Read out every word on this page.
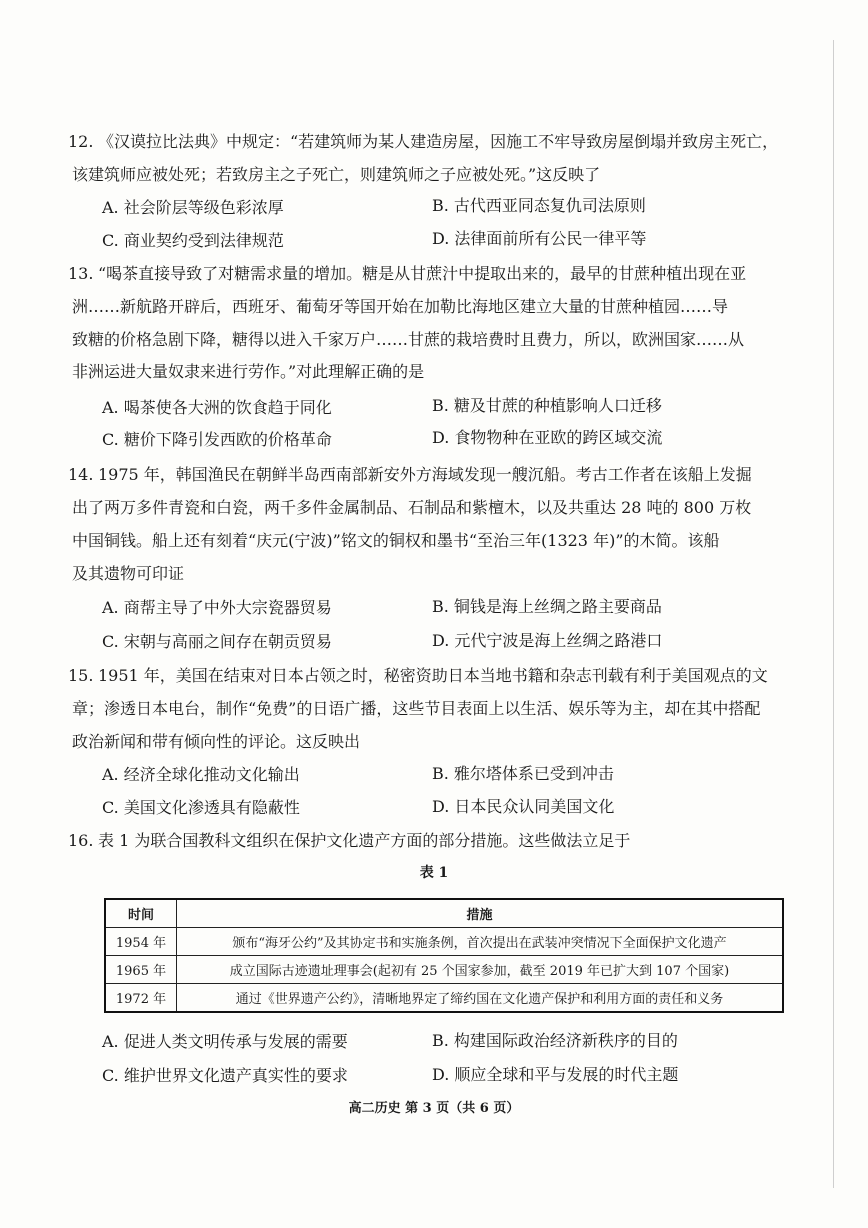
12. 《汉谟拉比法典》中规定：“若建筑师为某人建造房屋，因施工不牢导致房屋倒塌并致房主死亡，
该建筑师应被处死；若致房主之子死亡，则建筑师之子应被处死。”这反映了
A. 社会阶层等级色彩浓厚	B. 古代西亚同态复仇司法原则
C. 商业契约受到法律规范	D. 法律面前所有公民一律平等
13. “喝茶直接导致了对糖需求量的增加。糖是从甘蔗汁中提取出来的，最早的甘蔗种植出现在亚
洲……新航路开辟后，西班牙、葡萄牙等国开始在加勒比海地区建立大量的甘蔗种植园……导
致糖的价格急剧下降，糖得以进入千家万户……甘蔗的栽培费时且费力，所以，欧洲国家……从
非洲运进大量奴隶来进行劳作。”对此理解正确的是
A. 喝茶使各大洲的饮食趋于同化	B. 糖及甘蔗的种植影响人口迁移
C. 糖价下降引发西欧的价格革命	D. 食物物种在亚欧的跨区域交流
14. 1975 年，韩国渔民在朝鲜半岛西南部新安外方海域发现一艘沉船。考古工作者在该船上发掘
出了两万多件青瓷和白瓷，两千多件金属制品、石制品和紫檀木，以及共重达 28 吨的 800 万枚
中国铜钱。船上还有刻着“庆元(宁波)”铭文的铜权和墨书“至治三年(1323 年)”的木简。该船
及其遗物可印证
A. 商帮主导了中外大宗瓷器贸易	B. 铜钱是海上丝绸之路主要商品
C. 宋朝与高丽之间存在朝贡贸易	D. 元代宁波是海上丝绸之路港口
15. 1951 年，美国在结束对日本占领之时，秘密资助日本当地书籍和杂志刊载有利于美国观点的文
章；渗透日本电台，制作“免费”的日语广播，这些节目表面上以生活、娱乐等为主，却在其中搭配
政治新闻和带有倾向性的评论。这反映出
A. 经济全球化推动文化输出	B. 雅尔塔体系已受到冲击
C. 美国文化渗透具有隐蔽性	D. 日本民众认同美国文化
16. 表 1 为联合国教科文组织在保护文化遗产方面的部分措施。这些做法立足于
表 1
时间	措施
1954 年	颁布“海牙公约”及其协定书和实施条例，首次提出在武装冲突情况下全面保护文化遗产
1965 年	成立国际古迹遗址理事会(起初有 25 个国家参加，截至 2019 年已扩大到 107 个国家)
1972 年	通过《世界遗产公约》，清晰地界定了缔约国在文化遗产保护和利用方面的责任和义务
A. 促进人类文明传承与发展的需要	B. 构建国际政治经济新秩序的目的
C. 维护世界文化遗产真实性的要求	D. 顺应全球和平与发展的时代主题
高二历史 第 3 页（共 6 页）
